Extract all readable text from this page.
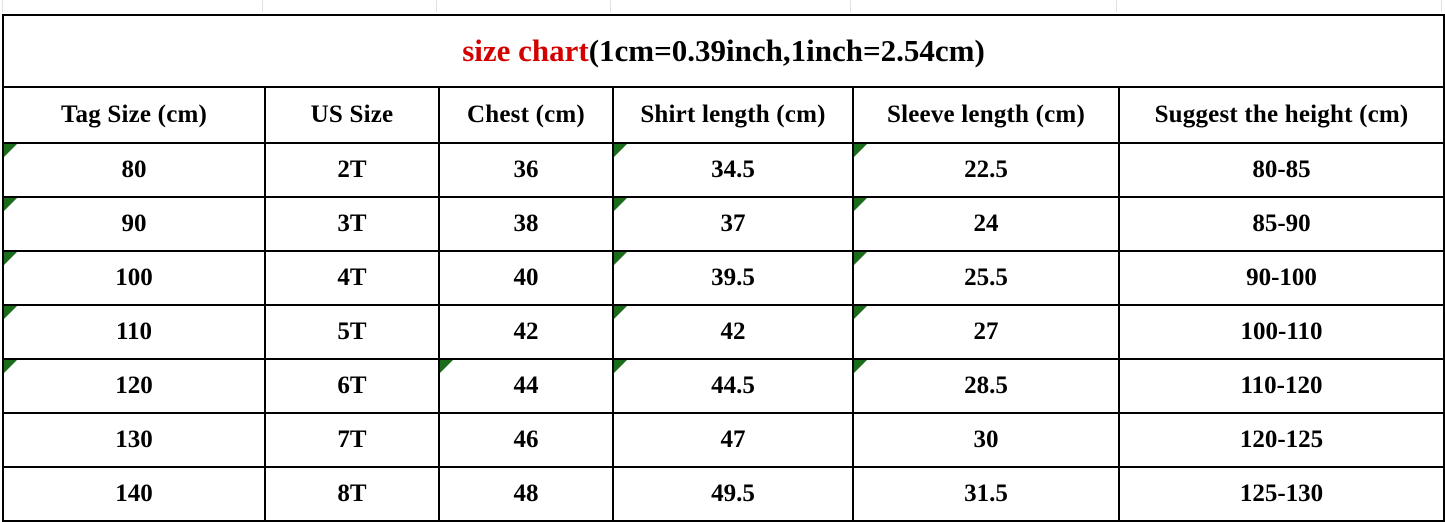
size chart(1cm=0.39inch,1inch=2.54cm)					
Tag Size (cm)	US Size	Chest (cm)	Shirt length (cm)	Sleeve length (cm)	Suggest the height (cm)
80	2T	36	34.5	22.5	80-85
90	3T	38	37	24	85-90
100	4T	40	39.5	25.5	90-100
110	5T	42	42	27	100-110
120	6T	44	44.5	28.5	110-120
130	7T	46	47	30	120-125
140	8T	48	49.5	31.5	125-130
